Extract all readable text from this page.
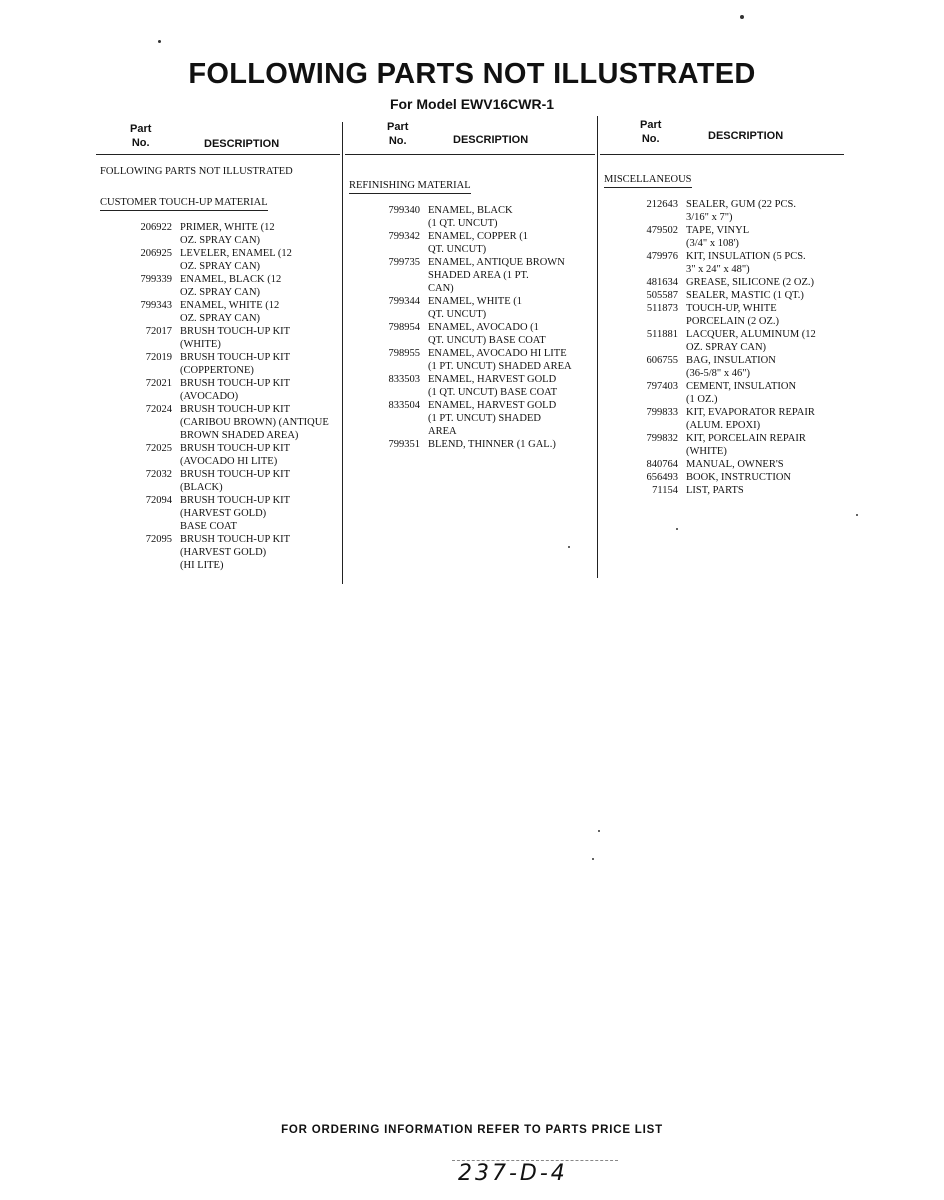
FOLLOWING PARTS NOT ILLUSTRATED
For Model EWV16CWR-1
Part
No.	DESCRIPTION
FOLLOWING PARTS NOT ILLUSTRATED
CUSTOMER TOUCH-UP MATERIAL
206922 PRIMER, WHITE (12
OZ. SPRAY CAN)
206925 LEVELER, ENAMEL (12
OZ. SPRAY CAN)
799339 ENAMEL, BLACK (12
OZ. SPRAY CAN)
799343 ENAMEL, WHITE (12
OZ. SPRAY CAN)
72017 BRUSH TOUCH-UP KIT
(WHITE)
72019 BRUSH TOUCH-UP KIT
(COPPERTONE)
72021 BRUSH TOUCH-UP KIT
(AVOCADO)
72024 BRUSH TOUCH-UP KIT
(CARIBOU BROWN) (ANTIQUE
BROWN SHADED AREA)
72025 BRUSH TOUCH-UP KIT
(AVOCADO HI LITE)
72032 BRUSH TOUCH-UP KIT
(BLACK)
72094 BRUSH TOUCH-UP KIT
(HARVEST GOLD)
BASE COAT
72095 BRUSH TOUCH-UP KIT
(HARVEST GOLD)
(HI LITE)
Part
No.	DESCRIPTION
REFINISHING MATERIAL
799340 ENAMEL, BLACK
(1 QT. UNCUT)
799342 ENAMEL, COPPER (1
QT. UNCUT)
799735 ENAMEL, ANTIQUE BROWN
SHADED AREA (1 PT.
CAN)
799344 ENAMEL, WHITE (1
QT. UNCUT)
798954 ENAMEL, AVOCADO (1
QT. UNCUT) BASE COAT
798955 ENAMEL, AVOCADO HI LITE
(1 PT. UNCUT) SHADED AREA
833503 ENAMEL, HARVEST GOLD
(1 QT. UNCUT) BASE COAT
833504 ENAMEL, HARVEST GOLD
(1 PT. UNCUT) SHADED
AREA
799351 BLEND, THINNER (1 GAL.)
Part
No.	DESCRIPTION
MISCELLANEOUS
212643 SEALER, GUM (22 PCS.
3/16" x 7")
479502 TAPE, VINYL
(3/4" x 108')
479976 KIT, INSULATION (5 PCS.
3" x 24" x 48")
481634 GREASE, SILICONE (2 OZ.)
505587 SEALER, MASTIC (1 QT.)
511873 TOUCH-UP, WHITE
PORCELAIN (2 OZ.)
511881 LACQUER, ALUMINUM (12
OZ. SPRAY CAN)
606755 BAG, INSULATION
(36-5/8" x 46")
797403 CEMENT, INSULATION
(1 OZ.)
799833 KIT, EVAPORATOR REPAIR
(ALUM. EPOXI)
799832 KIT, PORCELAIN REPAIR
(WHITE)
840764 MANUAL, OWNER'S
656493 BOOK, INSTRUCTION
71154 LIST, PARTS
FOR ORDERING INFORMATION REFER TO PARTS PRICE LIST
237-D-4
